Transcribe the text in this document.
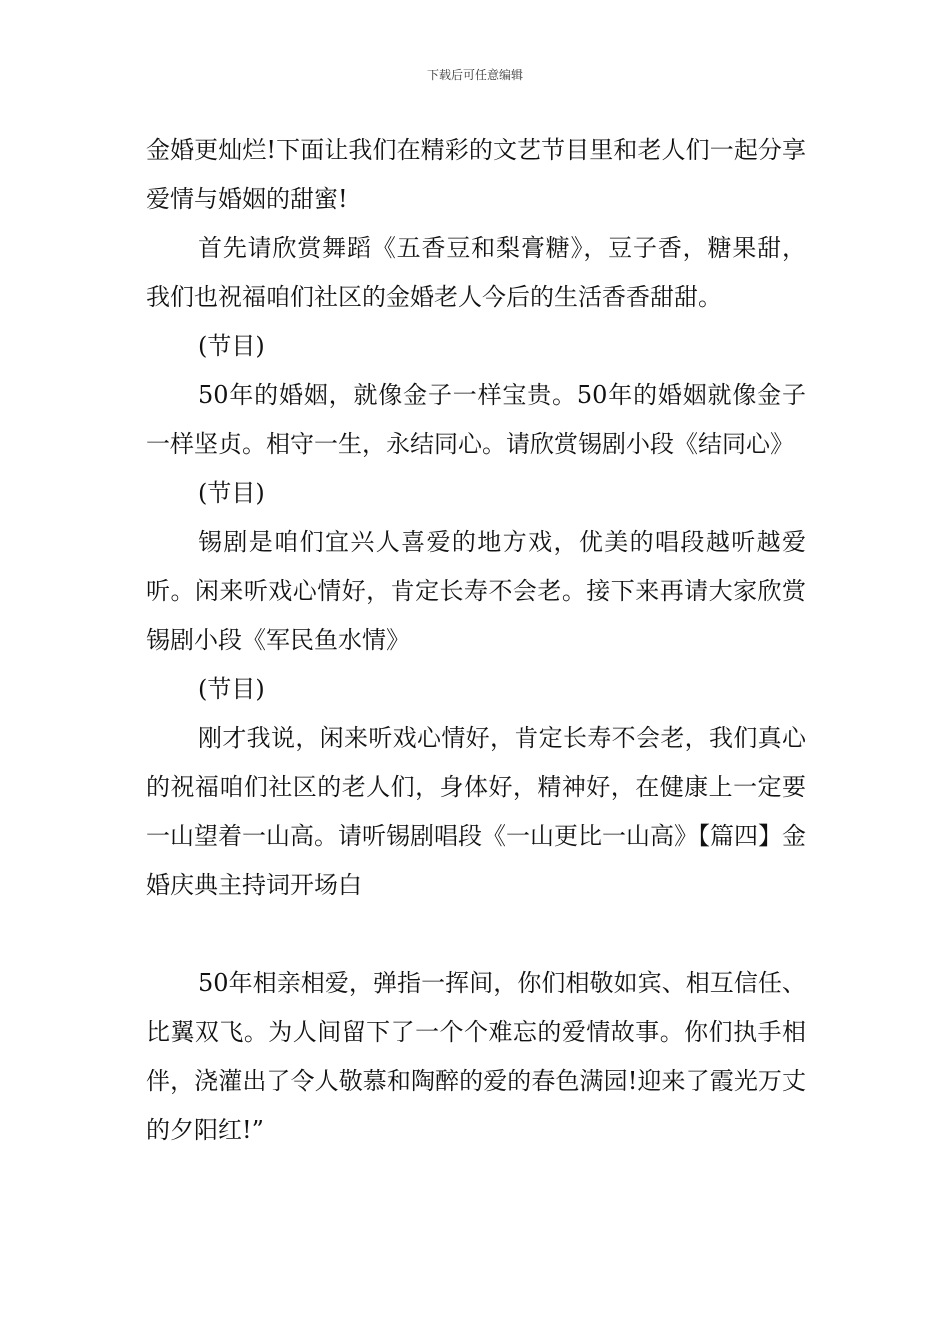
下载后可任意编辑

金婚更灿烂!下面让我们在精彩的文艺节目里和老人们一起分享爱情与婚姻的甜蜜!

首先请欣赏舞蹈《五香豆和梨膏糖》，豆子香，糖果甜，我们也祝福咱们社区的金婚老人今后的生活香香甜甜。

(节目)

50年的婚姻，就像金子一样宝贵。50年的婚姻就像金子一样坚贞。相守一生，永结同心。请欣赏锡剧小段《结同心》

(节目)

锡剧是咱们宜兴人喜爱的地方戏，优美的唱段越听越爱听。闲来听戏心情好，肯定长寿不会老。接下来再请大家欣赏锡剧小段《军民鱼水情》

(节目)

刚才我说，闲来听戏心情好，肯定长寿不会老，我们真心的祝福咱们社区的老人们，身体好，精神好，在健康上一定要一山望着一山高。请听锡剧唱段《一山更比一山高》【篇四】金婚庆典主持词开场白

50年相亲相爱，弹指一挥间，你们相敬如宾、相互信任、比翼双飞。为人间留下了一个个难忘的爱情故事。你们执手相伴，浇灌出了令人敬慕和陶醉的爱的春色满园!迎来了霞光万丈的夕阳红!”
